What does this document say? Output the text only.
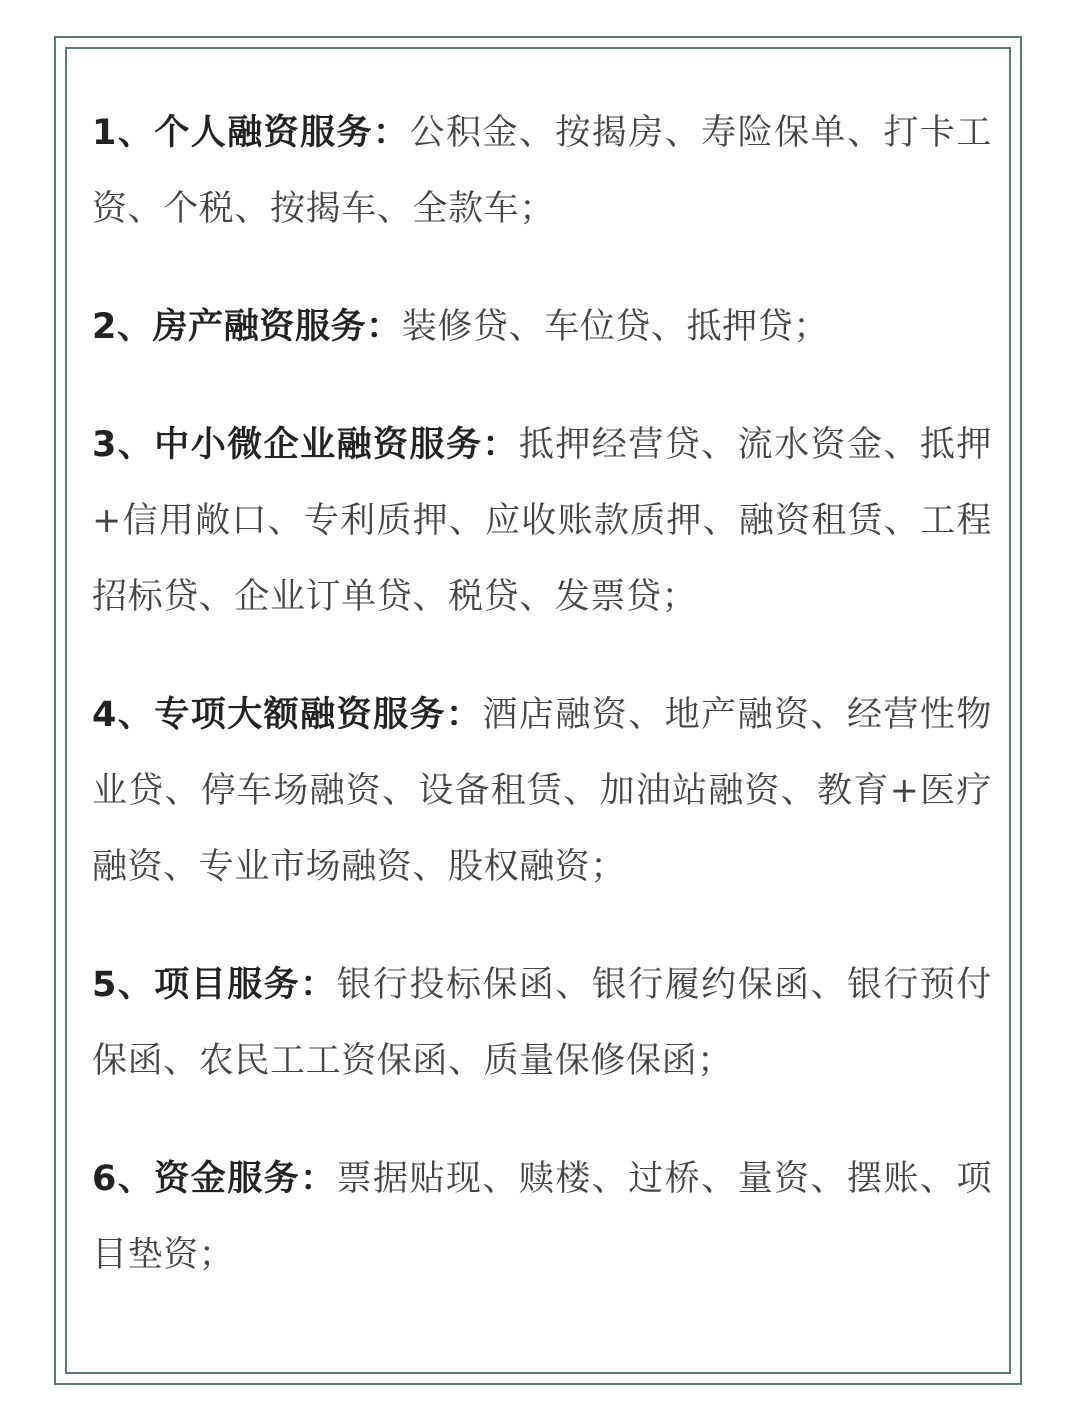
1、个人融资服务：公积金、按揭房、寿险保单、打卡工资、个税、按揭车、全款车；

2、房产融资服务：装修贷、车位贷、抵押贷；

3、中小微企业融资服务：抵押经营贷、流水资金、抵押+信用敞口、专利质押、应收账款质押、融资租赁、工程招标贷、企业订单贷、税贷、发票贷；

4、专项大额融资服务：酒店融资、地产融资、经营性物业贷、停车场融资、设备租赁、加油站融资、教育+医疗融资、专业市场融资、股权融资；

5、项目服务：银行投标保函、银行履约保函、银行预付保函、农民工工资保函、质量保修保函；

6、资金服务：票据贴现、赎楼、过桥、量资、摆账、项目垫资；
